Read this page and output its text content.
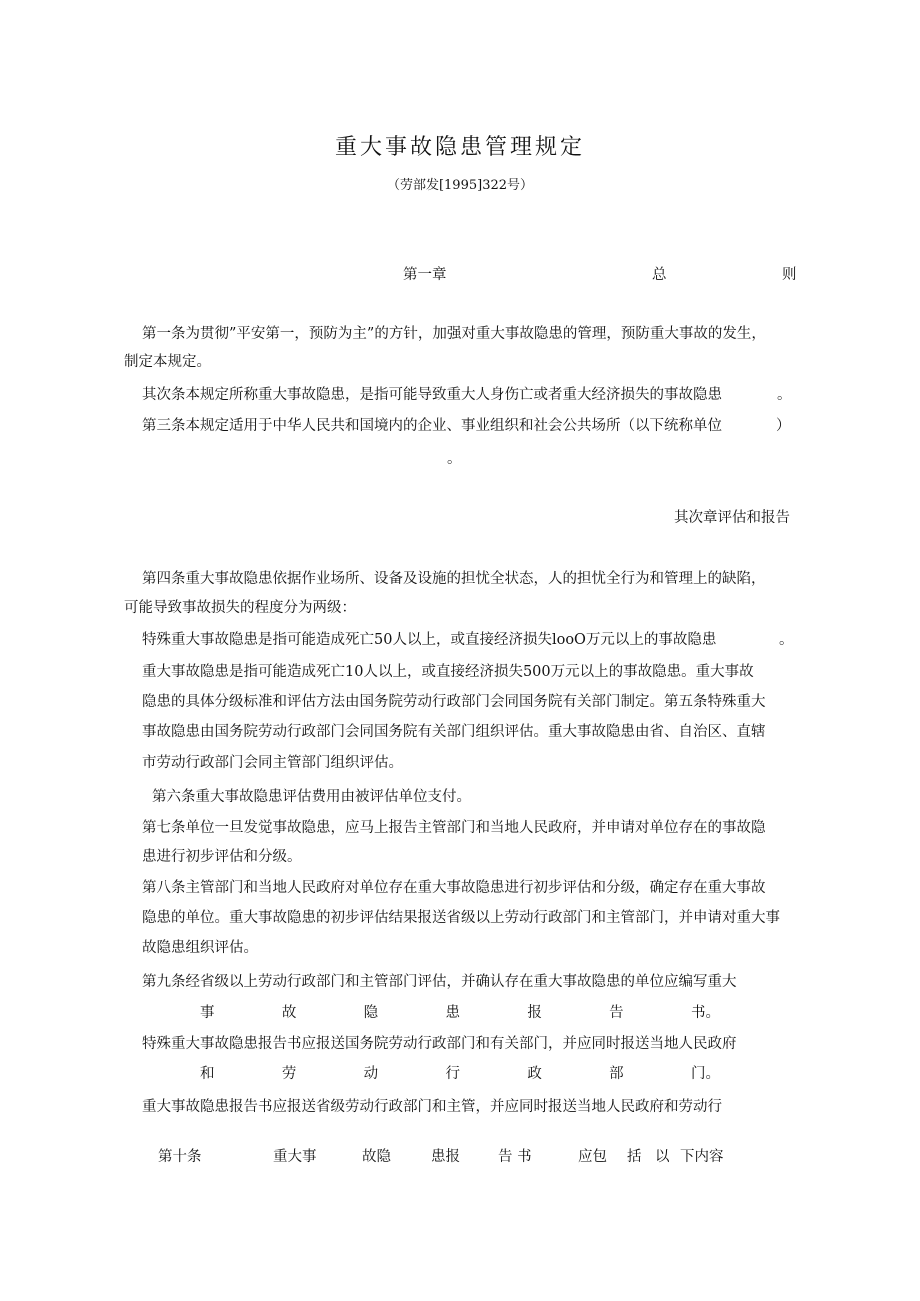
重大事故隐患管理规定
（劳部发[1995]322号）
第一章	总	则
第一条为贯彻”平安第一，预防为主”的方针，加强对重大事故隐患的管理，预防重大事故的发生，
制定本规定。
其次条本规定所称重大事故隐患，是指可能导致重大人身伤亡或者重大经济损失的事故隐患	。
第三条本规定适用于中华人民共和国境内的企业、事业组织和社会公共场所（以下统称单位	）
。
其次章评估和报告
第四条重大事故隐患依据作业场所、设备及设施的担忧全状态，人的担忧全行为和管理上的缺陷，
可能导致事故损失的程度分为两级：
特殊重大事故隐患是指可能造成死亡50人以上，或直接经济损失looO万元以上的事故隐患	。
重大事故隐患是指可能造成死亡10人以上，或直接经济损失500万元以上的事故隐患。重大事故
隐患的具体分级标准和评估方法由国务院劳动行政部门会同国务院有关部门制定。第五条特殊重大
事故隐患由国务院劳动行政部门会同国务院有关部门组织评估。重大事故隐患由省、自治区、直辖
市劳动行政部门会同主管部门组织评估。
第六条重大事故隐患评估费用由被评估单位支付。
第七条单位一旦发觉事故隐患，应马上报告主管部门和当地人民政府，并申请对单位存在的事故隐
患进行初步评估和分级。
第八条主管部门和当地人民政府对单位存在重大事故隐患进行初步评估和分级，确定存在重大事故
隐患的单位。重大事故隐患的初步评估结果报送省级以上劳动行政部门和主管部门，并申请对重大事
故隐患组织评估。
第九条经省级以上劳动行政部门和主管部门评估，并确认存在重大事故隐患的单位应编写重大
事	故	隐	患	报	告	书。
特殊重大事故隐患报告书应报送国务院劳动行政部门和有关部门，并应同时报送当地人民政府
和	劳	动	行	政	部	门。
重大事故隐患报告书应报送省级劳动行政部门和主管，并应同时报送当地人民政府和劳动行
第十条	重大事	故隐	患报	告 书	应包 括 以 下内容
